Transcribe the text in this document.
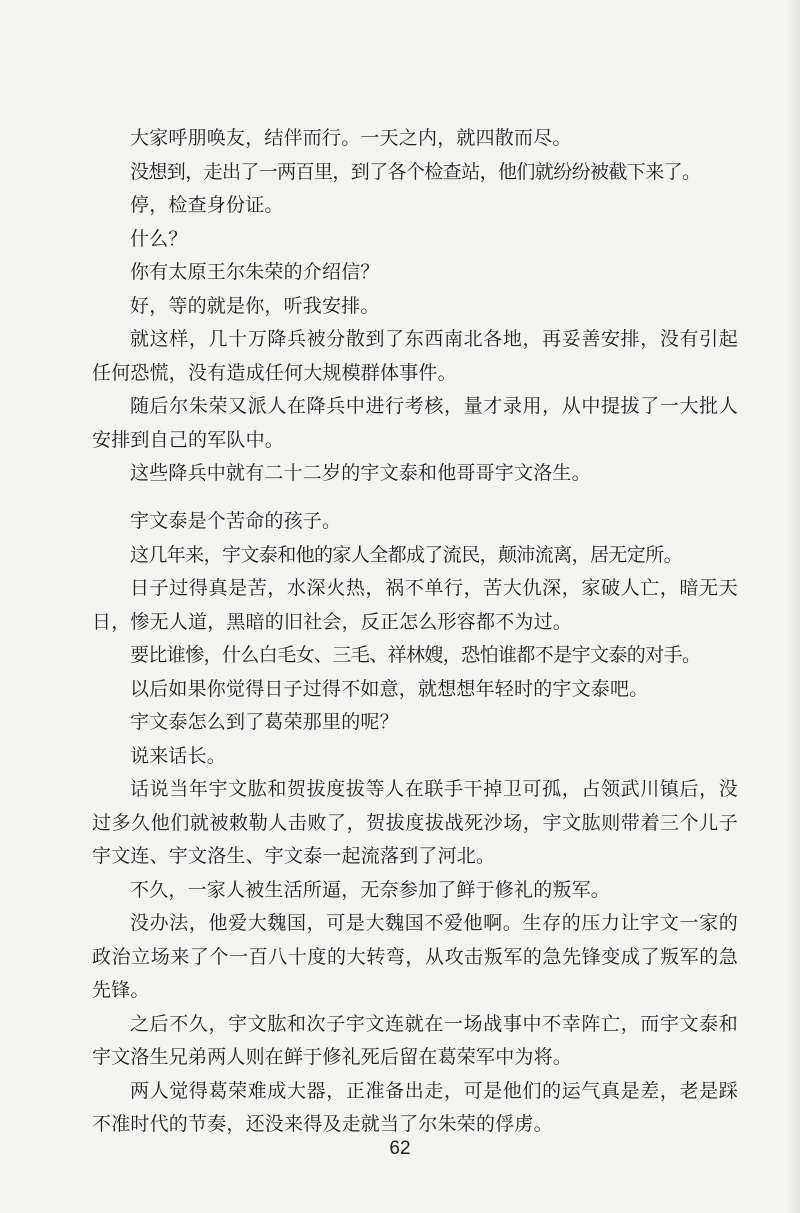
大家呼朋唤友，结伴而行。一天之内，就四散而尽。

没想到，走出了一两百里，到了各个检查站，他们就纷纷被截下来了。

停，检查身份证。

什么？

你有太原王尔朱荣的介绍信？

好，等的就是你，听我安排。

就这样，几十万降兵被分散到了东西南北各地，再妥善安排，没有引起任何恐慌，没有造成任何大规模群体事件。

随后尔朱荣又派人在降兵中进行考核，量才录用，从中提拔了一大批人安排到自己的军队中。

这些降兵中就有二十二岁的宇文泰和他哥哥宇文洛生。

宇文泰是个苦命的孩子。

这几年来，宇文泰和他的家人全都成了流民，颠沛流离，居无定所。

日子过得真是苦，水深火热，祸不单行，苦大仇深，家破人亡，暗无天日，惨无人道，黑暗的旧社会，反正怎么形容都不为过。

要比谁惨，什么白毛女、三毛、祥林嫂，恐怕谁都不是宇文泰的对手。

以后如果你觉得日子过得不如意，就想想年轻时的宇文泰吧。

宇文泰怎么到了葛荣那里的呢？

说来话长。

话说当年宇文肱和贺拔度拔等人在联手干掉卫可孤，占领武川镇后，没过多久他们就被敕勒人击败了，贺拔度拔战死沙场，宇文肱则带着三个儿子宇文连、宇文洛生、宇文泰一起流落到了河北。

不久，一家人被生活所逼，无奈参加了鲜于修礼的叛军。

没办法，他爱大魏国，可是大魏国不爱他啊。生存的压力让宇文一家的政治立场来了个一百八十度的大转弯，从攻击叛军的急先锋变成了叛军的急先锋。

之后不久，宇文肱和次子宇文连就在一场战事中不幸阵亡，而宇文泰和宇文洛生兄弟两人则在鲜于修礼死后留在葛荣军中为将。

两人觉得葛荣难成大器，正准备出走，可是他们的运气真是差，老是踩不准时代的节奏，还没来得及走就当了尔朱荣的俘虏。

62
